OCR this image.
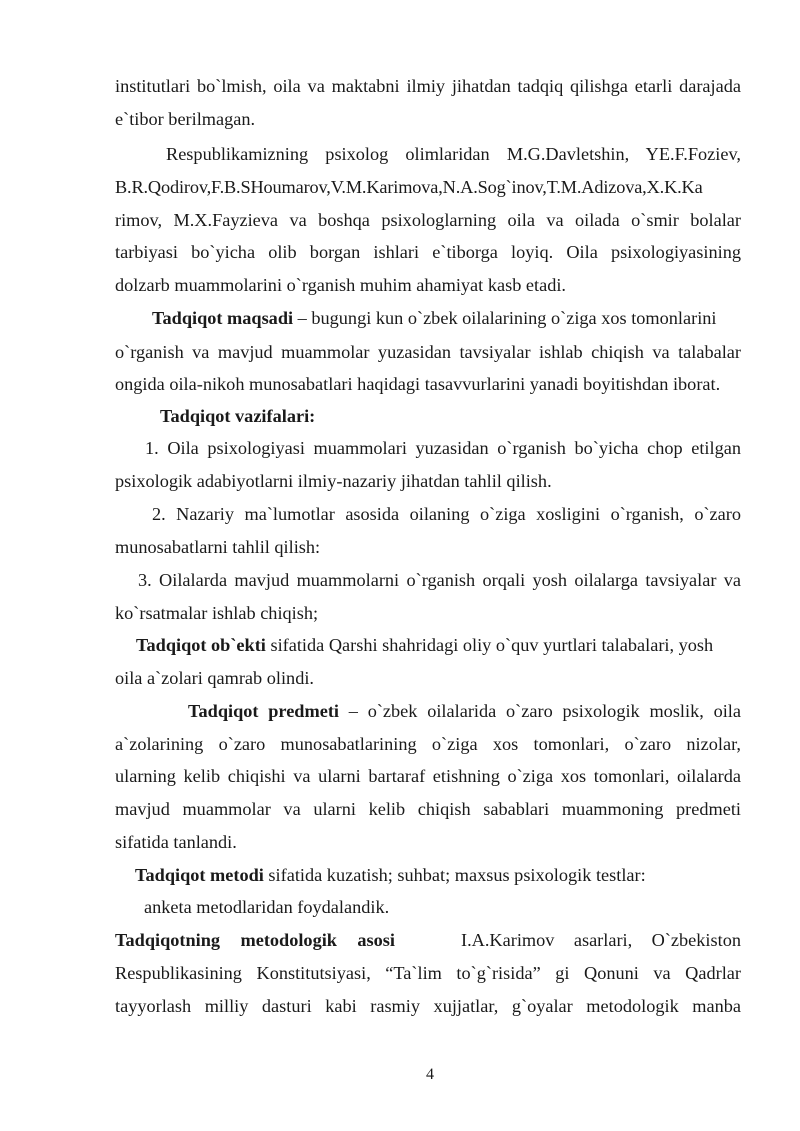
institutlari bo`lmish, oila va maktabni ilmiy jihatdan tadqiq qilishga etarli darajada

e`tibor berilmagan.

Respublikamizning psixolog olimlaridan M.G.Davletshin, YE.F.Foziev,

B.R.Qodirov,F.B.SHoumarov,V.M.Karimova,N.A.Sog`inov,T.M.Adizova,X.K.Ka

rimov, M.X.Fayzieva va boshqa psixologlarning oila va oilada o`smir bolalar

tarbiyasi bo`yicha olib borgan ishlari e`tiborga loyiq. Oila psixologiyasining

dolzarb muammolarini o`rganish muhim ahamiyat kasb etadi.

Tadqiqot maqsadi – bugungi kun o`zbek oilalarining o`ziga xos tomonlarini

o`rganish va mavjud muammolar yuzasidan tavsiyalar ishlab chiqish va talabalar

ongida oila-nikoh munosabatlari haqidagi tasavvurlarini yanadi boyitishdan iborat.

Tadqiqot vazifalari:

1. Oila psixologiyasi muammolari yuzasidan o`rganish bo`yicha chop etilgan

psixologik adabiyotlarni ilmiy-nazariy jihatdan tahlil qilish.

2. Nazariy ma`lumotlar asosida oilaning o`ziga xosligini o`rganish, o`zaro

munosabatlarni tahlil qilish:

3. Oilalarda mavjud muammolarni o`rganish orqali yosh oilalarga tavsiyalar va

ko`rsatmalar ishlab chiqish;

Tadqiqot ob`ekti sifatida Qarshi shahridagi oliy o`quv yurtlari talabalari, yosh

oila a`zolari qamrab olindi.

Tadqiqot predmeti – o`zbek oilalarida o`zaro psixologik moslik, oila

a`zolarining o`zaro munosabatlarining o`ziga xos tomonlari, o`zaro nizolar,

ularning kelib chiqishi va ularni bartaraf etishning o`ziga xos tomonlari, oilalarda

mavjud muammolar va ularni kelib chiqish sabablari muammoning predmeti

sifatida tanlandi.

Tadqiqot metodi sifatida kuzatish; suhbat; maxsus psixologik testlar:

anketa metodlaridan foydalandik.

Tadqiqotning metodologik asosi	I.A.Karimov asarlari, O`zbekiston

Respublikasining Konstitutsiyasi, “Ta`lim to`g`risida” gi Qonuni va Qadrlar

tayyorlash milliy dasturi kabi rasmiy xujjatlar, g`oyalar metodologik manba

4
